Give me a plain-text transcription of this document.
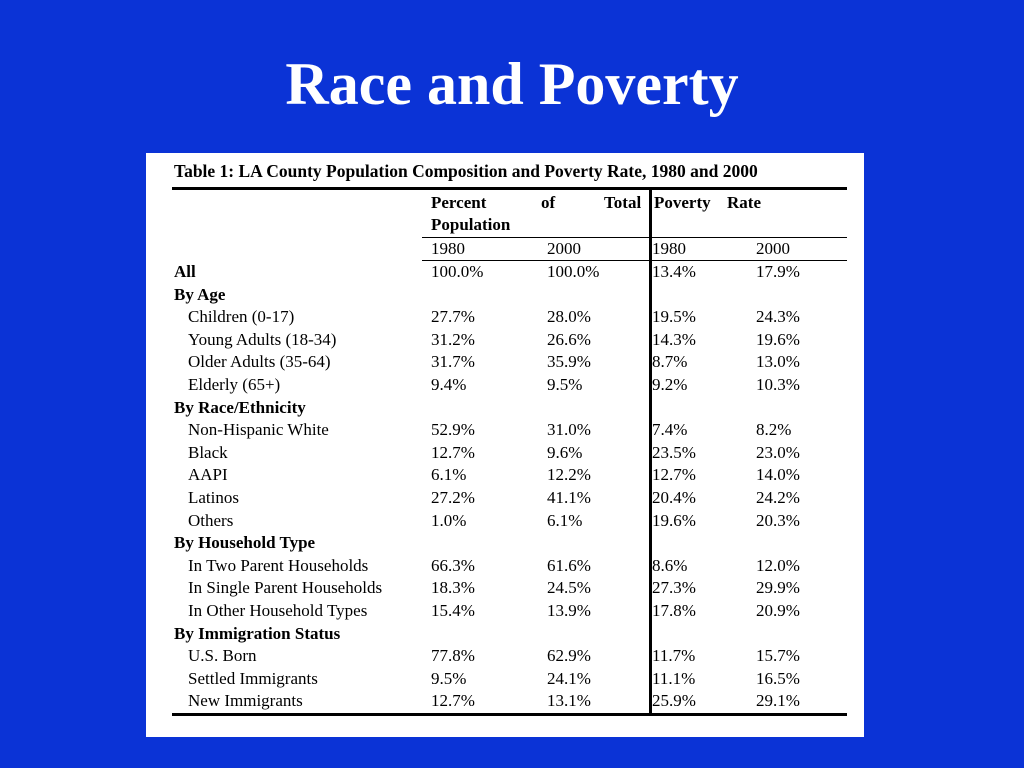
Race and Poverty
Table 1: LA County Population Composition and Poverty Rate, 1980 and 2000
Percent	of	Total
Population
Poverty Rate
1980	2000	1980	2000
All	100.0%	100.0%	13.4%	17.9%
By Age
Children (0-17)	27.7%	28.0%	19.5%	24.3%
Young Adults (18-34)	31.2%	26.6%	14.3%	19.6%
Older Adults (35-64)	31.7%	35.9%	8.7%	13.0%
Elderly (65+)	9.4%	9.5%	9.2%	10.3%
By Race/Ethnicity
Non-Hispanic White	52.9%	31.0%	7.4%	8.2%
Black	12.7%	9.6%	23.5%	23.0%
AAPI	6.1%	12.2%	12.7%	14.0%
Latinos	27.2%	41.1%	20.4%	24.2%
Others	1.0%	6.1%	19.6%	20.3%
By Household Type
In Two Parent Households	66.3%	61.6%	8.6%	12.0%
In Single Parent Households	18.3%	24.5%	27.3%	29.9%
In Other Household Types	15.4%	13.9%	17.8%	20.9%
By Immigration Status
U.S. Born	77.8%	62.9%	11.7%	15.7%
Settled Immigrants	9.5%	24.1%	11.1%	16.5%
New Immigrants	12.7%	13.1%	25.9%	29.1%
